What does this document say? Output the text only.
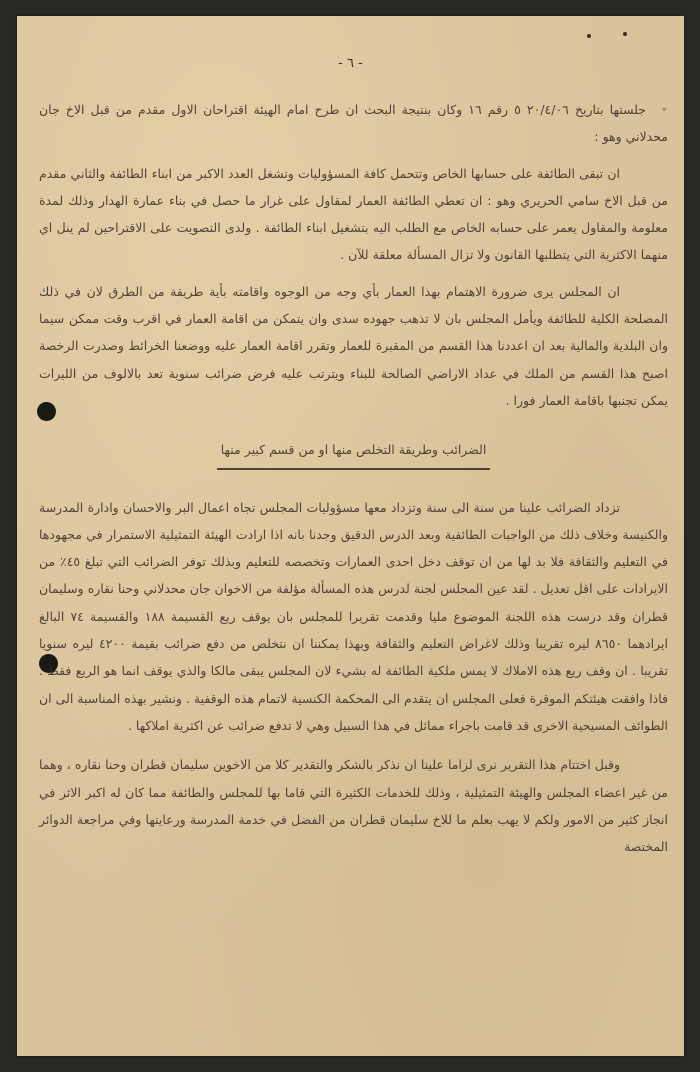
- ٦ -

•جلستها بتاريخ ٢٠/٤/٠٦ ٥ رقم ١٦ وكان بنتيجة البحث ان طرح امام الهيئة اقتراحان الاول مقدم من قبل الاخ جان محدلاني وهو :

ان تبقى الطائفة على حسابها الخاص وتتحمل كافة المسؤوليات وتشغل العدد الاكبر من ابناء الطائفة والثاني مقدم من قبل الاخ سامي الحريري وهو : ان تعطي الطائفة العمار لمقاول على غرار ما حصل في بناء عمارة الهدار وذلك لمدة معلومة والمقاول يعمر على حسابه الخاص مع الطلب اليه بتشغيل ابناء الطائفة . ولدى التصويت على الاقتراحين لم ينل اي منهما الاكثرية التي يتطلبها القانون ولا تزال المسألة معلقة للآن .

ان المجلس يرى ضرورة الاهتمام بهذا العمار بأي وجه من الوجوه واقامته بأية طريقة من الطرق لان في ذلك المصلحة الكلية للطائفة ويأمل المجلس بان لا تذهب جهوده سدى وان يتمكن من اقامة العمار في اقرب وقت ممكن سيما وان البلدية والمالية بعد ان اعددنا هذا القسم من المقبرة للعمار وتقرر اقامة العمار عليه ووضعنا الخرائط وصدرت الرخصة اصبح هذا القسم من الملك في عداد الاراضي الصالحة للبناء ويترتب عليه فرض ضرائب سنوية تعد بالالوف من الليرات يمكن تجنبها باقامة العمار فورا .

الضرائب وطريقة التخلص منها او من قسم كبير منها

تزداد الضرائب علينا من سنة الى سنة وتزداد معها مسؤوليات المجلس تجاه اعمال البر والاحسان وادارة المدرسة والكنيسة وخلاف ذلك من الواجبات الطائفية وبعد الدرس الدقيق وجدنا بانه اذا ارادت الهيئة التمثيلية الاستمرار في مجهودها في التعليم والثقافة فلا بد لها من ان توقف دخل احدى العمارات وتخصصه للتعليم وبذلك توفر الضرائب التي تبلغ ٤٥٪ من الايرادات على اقل تعديل . لقد عين المجلس لجنة لدرس هذه المسألة مؤلفة من الاخوان جان محدلاني وحنا نقاره وسليمان قطران وقد درست هذه اللجنة الموضوع مليا وقدمت تقريرا للمجلس بان يوقف ريع القسيمة ١٨٨ والقسيمة ٧٤ البالغ ايرادهما ٨٦٥٠ ليره تقريبا وذلك لاغراض التعليم والثقافة وبهذا يمكننا ان نتخلص من دفع ضرائب بقيمة ٤٢٠٠ ليره سنويا تقريبا . ان وقف ريع هذه الاملاك لا يمس ملكية الطائفة له بشيء لان المجلس يبقى مالكا والذي يوقف انما هو الريع فقط . فاذا وافقت هيئتكم الموقرة فعلى المجلس ان يتقدم الى المحكمة الكنسية لاتمام هذه الوقفية . ونشير بهذه المناسبة الى ان الطوائف المسيحية الاخرى قد قامت باجراء مماثل في هذا السبيل وهي لا تدفع ضرائب عن اكثرية املاكها .

وقبل اختتام هذا التقرير نرى لزاما علينا ان نذكر بالشكر والتقدير كلا من الاخوين سليمان قطران وحنا نقاره ، وهما من غير اعضاء المجلس والهيئة التمثيلية ، وذلك للخدمات الكثيرة التي قاما بها للمجلس والطائفة مما كان له اكبر الاثر في انجاز كثير من الامور ولكم لا يهب بعلم ما للاخ سليمان قطران من الفضل في خدمة المدرسة ورعايتها وفي مراجعة الدوائر المختصة
